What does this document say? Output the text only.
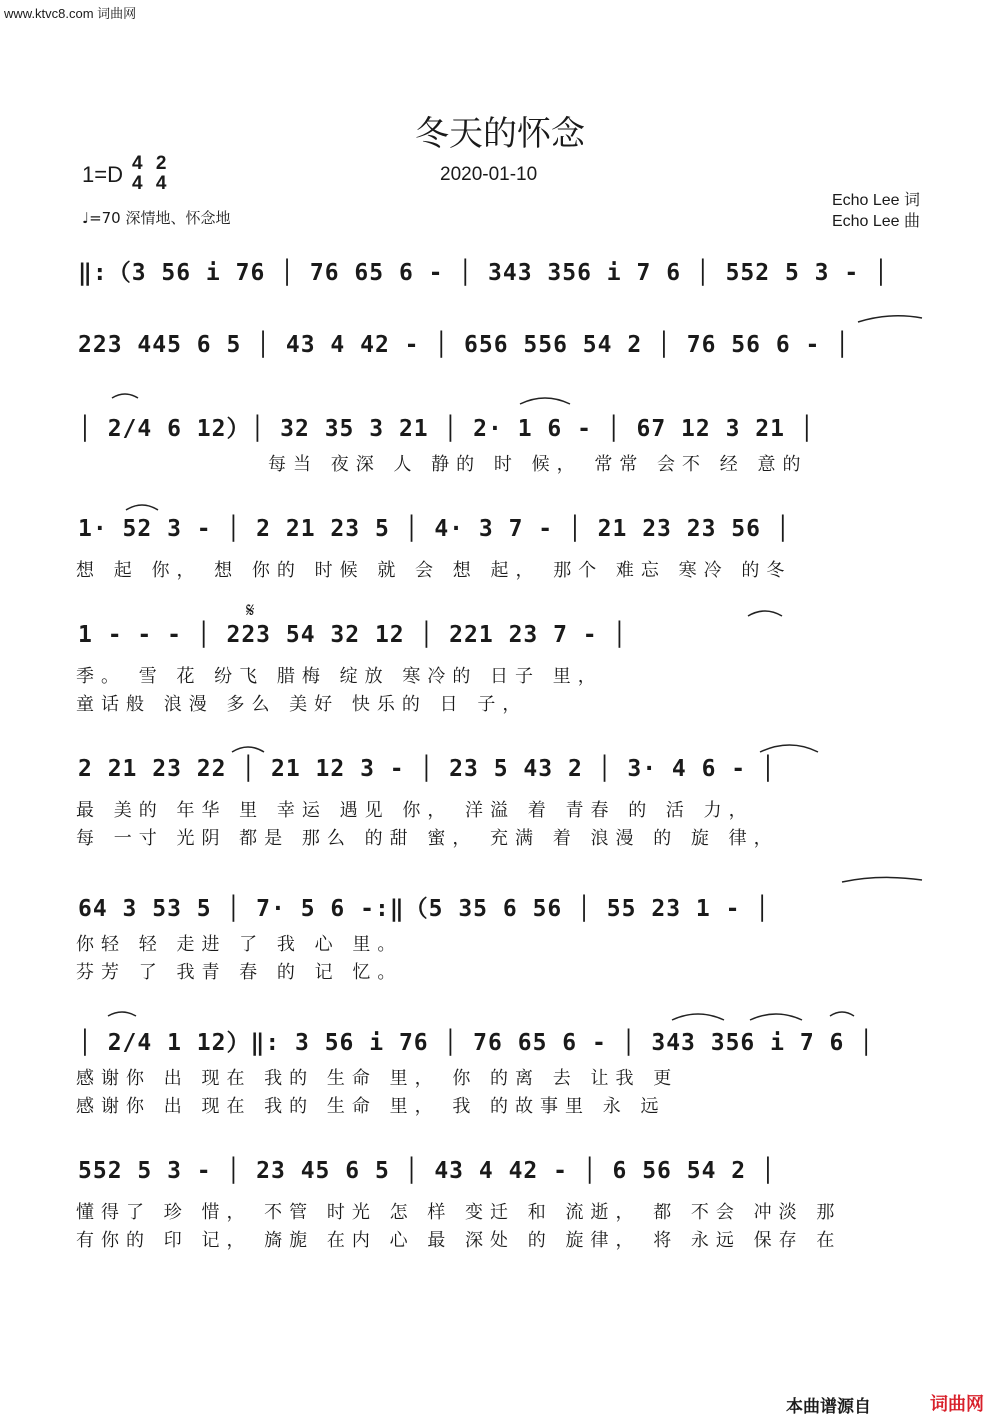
www.ktvc8.com 词曲网
冬天的怀念
2020-01-10
Echo Lee 词
Echo Lee 曲
1=D 4
4 2
4
♩=70 深情地、怀念地
𝄋
‖:（3 56 i 76 │ 76 65 6 - │ 343 356 i 7 6 │ 552 5 3 - │
223 445 6 5 │ 43 4 42 - │ 656 556 54 2 │ 76 56 6 - │
│ 2/4 6 12）│ 32 35 3 21 │ 2· 1 6 - │ 67 12 3 21 │
每当 夜深 人 静的 时 候， 常常 会不 经 意的
1· 52 3 - │ 2 21 23 5 │ 4· 3 7 - │ 21 23 23 56 │
想 起 你， 想 你的 时候 就 会 想 起， 那个 难忘 寒冷 的冬
1 - - - │ 223 54 32 12 │ 221 23 7 - │
季。 雪 花 纷飞 腊梅 绽放 寒冷的 日子 里，
童话般 浪漫 多么 美好 快乐的 日 子，
2 21 23 22 │ 21 12 3 - │ 23 5 43 2 │ 3· 4 6 - │
最 美的 年华 里 幸运 遇见 你， 洋溢 着 青春 的 活 力，
每 一寸 光阴 都是 那么 的甜 蜜， 充满 着 浪漫 的 旋 律，
64 3 53 5 │ 7· 5 6 -:‖（5 35 6 56 │ 55 23 1 - │
你轻 轻 走进 了 我 心 里。
芬芳 了 我青 春 的 记 忆。
│ 2/4 1 12）‖: 3 56 i 76 │ 76 65 6 - │ 343 356 i 7 6 │
感谢你 出 现在 我的 生命 里， 你 的离 去 让我 更
感谢你 出 现在 我的 生命 里， 我 的故事里 永 远
552 5 3 - │ 23 45 6 5 │ 43 4 42 - │ 6 56 54 2 │
懂得了 珍 惜， 不管 时光 怎 样 变迁 和 流逝， 都 不会 冲淡 那
有你的 印 记， 旖旎 在内 心 最 深处 的 旋律， 将 永远 保存 在
本曲谱源自	词曲网
